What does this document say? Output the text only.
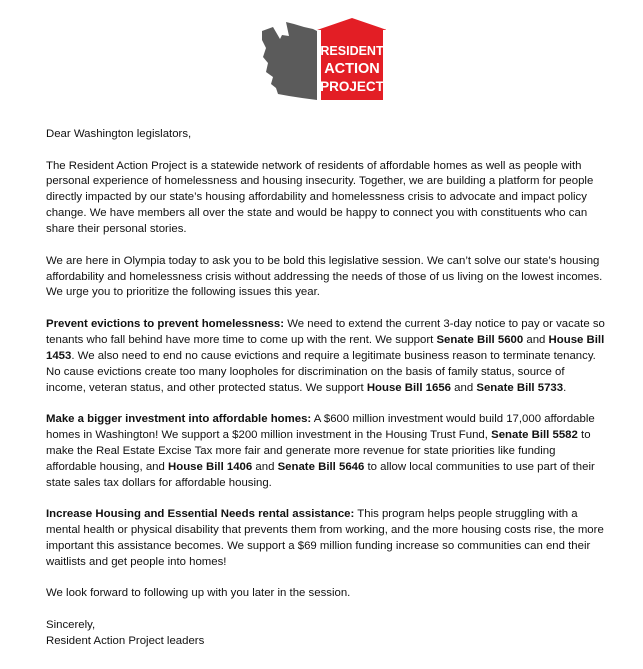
RESIDENT
ACTION
PROJECT

Dear Washington legislators,

The Resident Action Project is a statewide network of residents of affordable homes as well as people with personal experience of homelessness and housing insecurity. Together, we are building a platform for people directly impacted by our state’s housing affordability and homelessness crisis to advocate and impact policy change. We have members all over the state and would be happy to connect you with constituents who can share their personal stories.

We are here in Olympia today to ask you to be bold this legislative session. We can’t solve our state’s housing affordability and homelessness crisis without addressing the needs of those of us living on the lowest incomes. We urge you to prioritize the following issues this year.

Prevent evictions to prevent homelessness: We need to extend the current 3-day notice to pay or vacate so tenants who fall behind have more time to come up with the rent. We support Senate Bill 5600 and House Bill 1453. We also need to end no cause evictions and require a legitimate business reason to terminate tenancy. No cause evictions create too many loopholes for discrimination on the basis of family status, source of income, veteran status, and other protected status. We support House Bill 1656 and Senate Bill 5733.

Make a bigger investment into affordable homes: A $600 million investment would build 17,000 affordable homes in Washington! We support a $200 million investment in the Housing Trust Fund, Senate Bill 5582 to make the Real Estate Excise Tax more fair and generate more revenue for state priorities like funding affordable housing, and House Bill 1406 and Senate Bill 5646 to allow local communities to use part of their state sales tax dollars for affordable housing.

Increase Housing and Essential Needs rental assistance: This program helps people struggling with a mental health or physical disability that prevents them from working, and the more housing costs rise, the more important this assistance becomes. We support a $69 million funding increase so communities can end their waitlists and get people into homes!

We look forward to following up with you later in the session.

Sincerely,

Resident Action Project leaders
